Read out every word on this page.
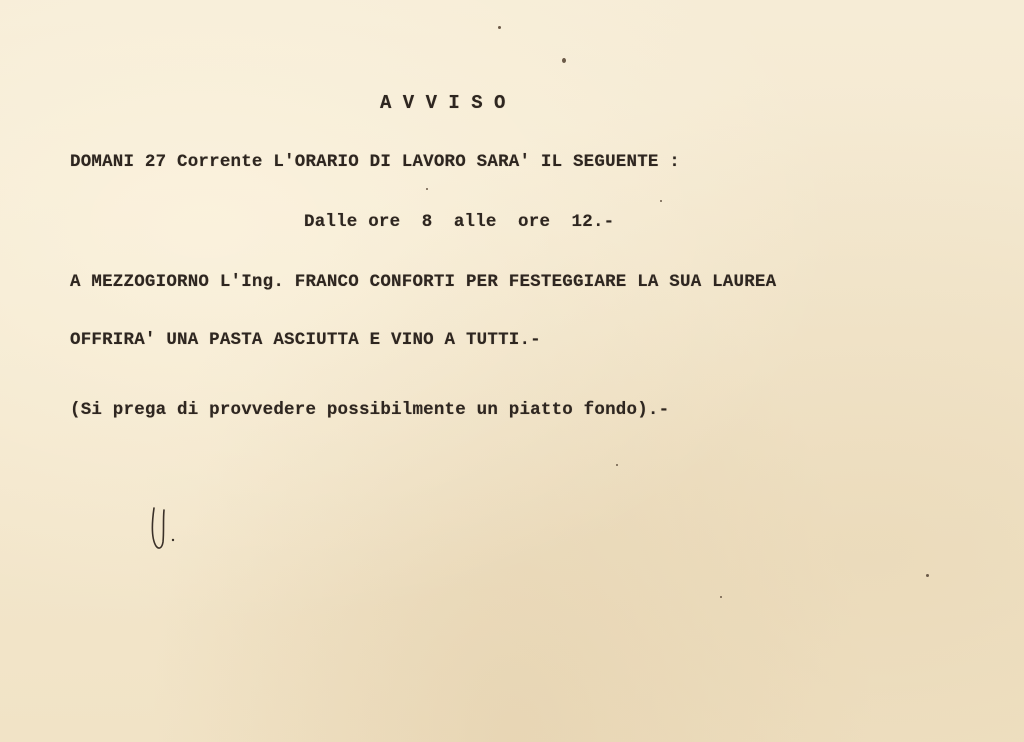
A V V I S O
DOMANI 27 Corrente L'ORARIO DI LAVORO SARA' IL SEGUENTE :
Dalle ore  8  alle  ore  12.-
A MEZZOGIORNO L'Ing. FRANCO CONFORTI PER FESTEGGIARE LA SUA LAUREA
OFFRIRA' UNA PASTA ASCIUTTA E VINO A TUTTI.-
(Si prega di provvedere possibilmente un piatto fondo).-
